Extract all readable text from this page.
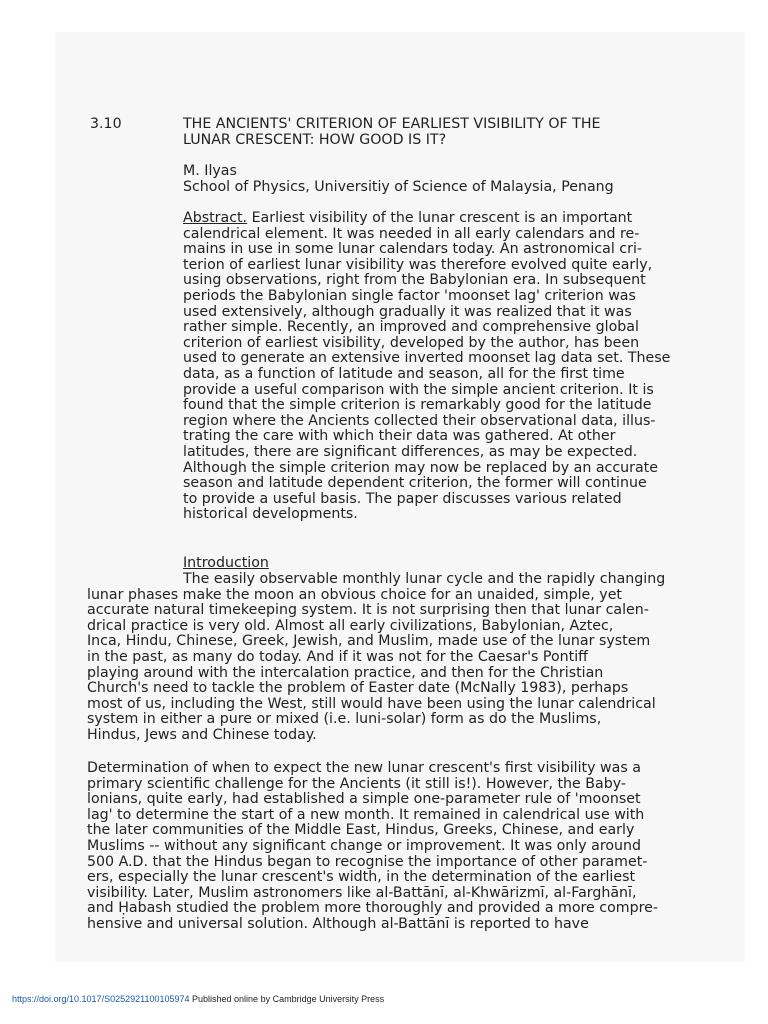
3.10	THE ANCIENTS' CRITERION OF EARLIEST VISIBILITY OF THE
LUNAR CRESCENT: HOW GOOD IS IT?
M. Ilyas
School of Physics, Universitiy of Science of Malaysia, Penang
Abstract. Earliest visibility of the lunar crescent is an important
calendrical element. It was needed in all early calendars and re-
mains in use in some lunar calendars today. An astronomical cri-
terion of earliest lunar visibility was therefore evolved quite early,
using observations, right from the Babylonian era. In subsequent
periods the Babylonian single factor 'moonset lag' criterion was
used extensively, although gradually it was realized that it was
rather simple. Recently, an improved and comprehensive global
criterion of earliest visibility, developed by the author, has been
used to generate an extensive inverted moonset lag data set. These
data, as a function of latitude and season, all for the first time
provide a useful comparison with the simple ancient criterion. It is
found that the simple criterion is remarkably good for the latitude
region where the Ancients collected their observational data, illus-
trating the care with which their data was gathered. At other
latitudes, there are significant differences, as may be expected.
Although the simple criterion may now be replaced by an accurate
season and latitude dependent criterion, the former will continue
to provide a useful basis. The paper discusses various related
historical developments.
Introduction
The easily observable monthly lunar cycle and the rapidly changing
lunar phases make the moon an obvious choice for an unaided, simple, yet
accurate natural timekeeping system. It is not surprising then that lunar calen-
drical practice is very old. Almost all early civilizations, Babylonian, Aztec,
Inca, Hindu, Chinese, Greek, Jewish, and Muslim, made use of the lunar system
in the past, as many do today. And if it was not for the Caesar's Pontiff
playing around with the intercalation practice, and then for the Christian
Church's need to tackle the problem of Easter date (McNally 1983), perhaps
most of us, including the West, still would have been using the lunar calendrical
system in either a pure or mixed (i.e. luni-solar) form as do the Muslims,
Hindus, Jews and Chinese today.
Determination of when to expect the new lunar crescent's first visibility was a
primary scientific challenge for the Ancients (it still is!). However, the Baby-
lonians, quite early, had established a simple one-parameter rule of 'moonset
lag' to determine the start of a new month. It remained in calendrical use with
the later communities of the Middle East, Hindus, Greeks, Chinese, and early
Muslims -- without any significant change or improvement. It was only around
500 A.D. that the Hindus began to recognise the importance of other paramet-
ers, especially the lunar crescent's width, in the determination of the earliest
visibility. Later, Muslim astronomers like al-Battānī, al-Khwārizmī, al-Farghānī,
and Ḥabash studied the problem more thoroughly and provided a more compre-
hensive and universal solution. Although al-Battānī is reported to have
https://doi.org/10.1017/S0252921100105974 Published online by Cambridge University Press
